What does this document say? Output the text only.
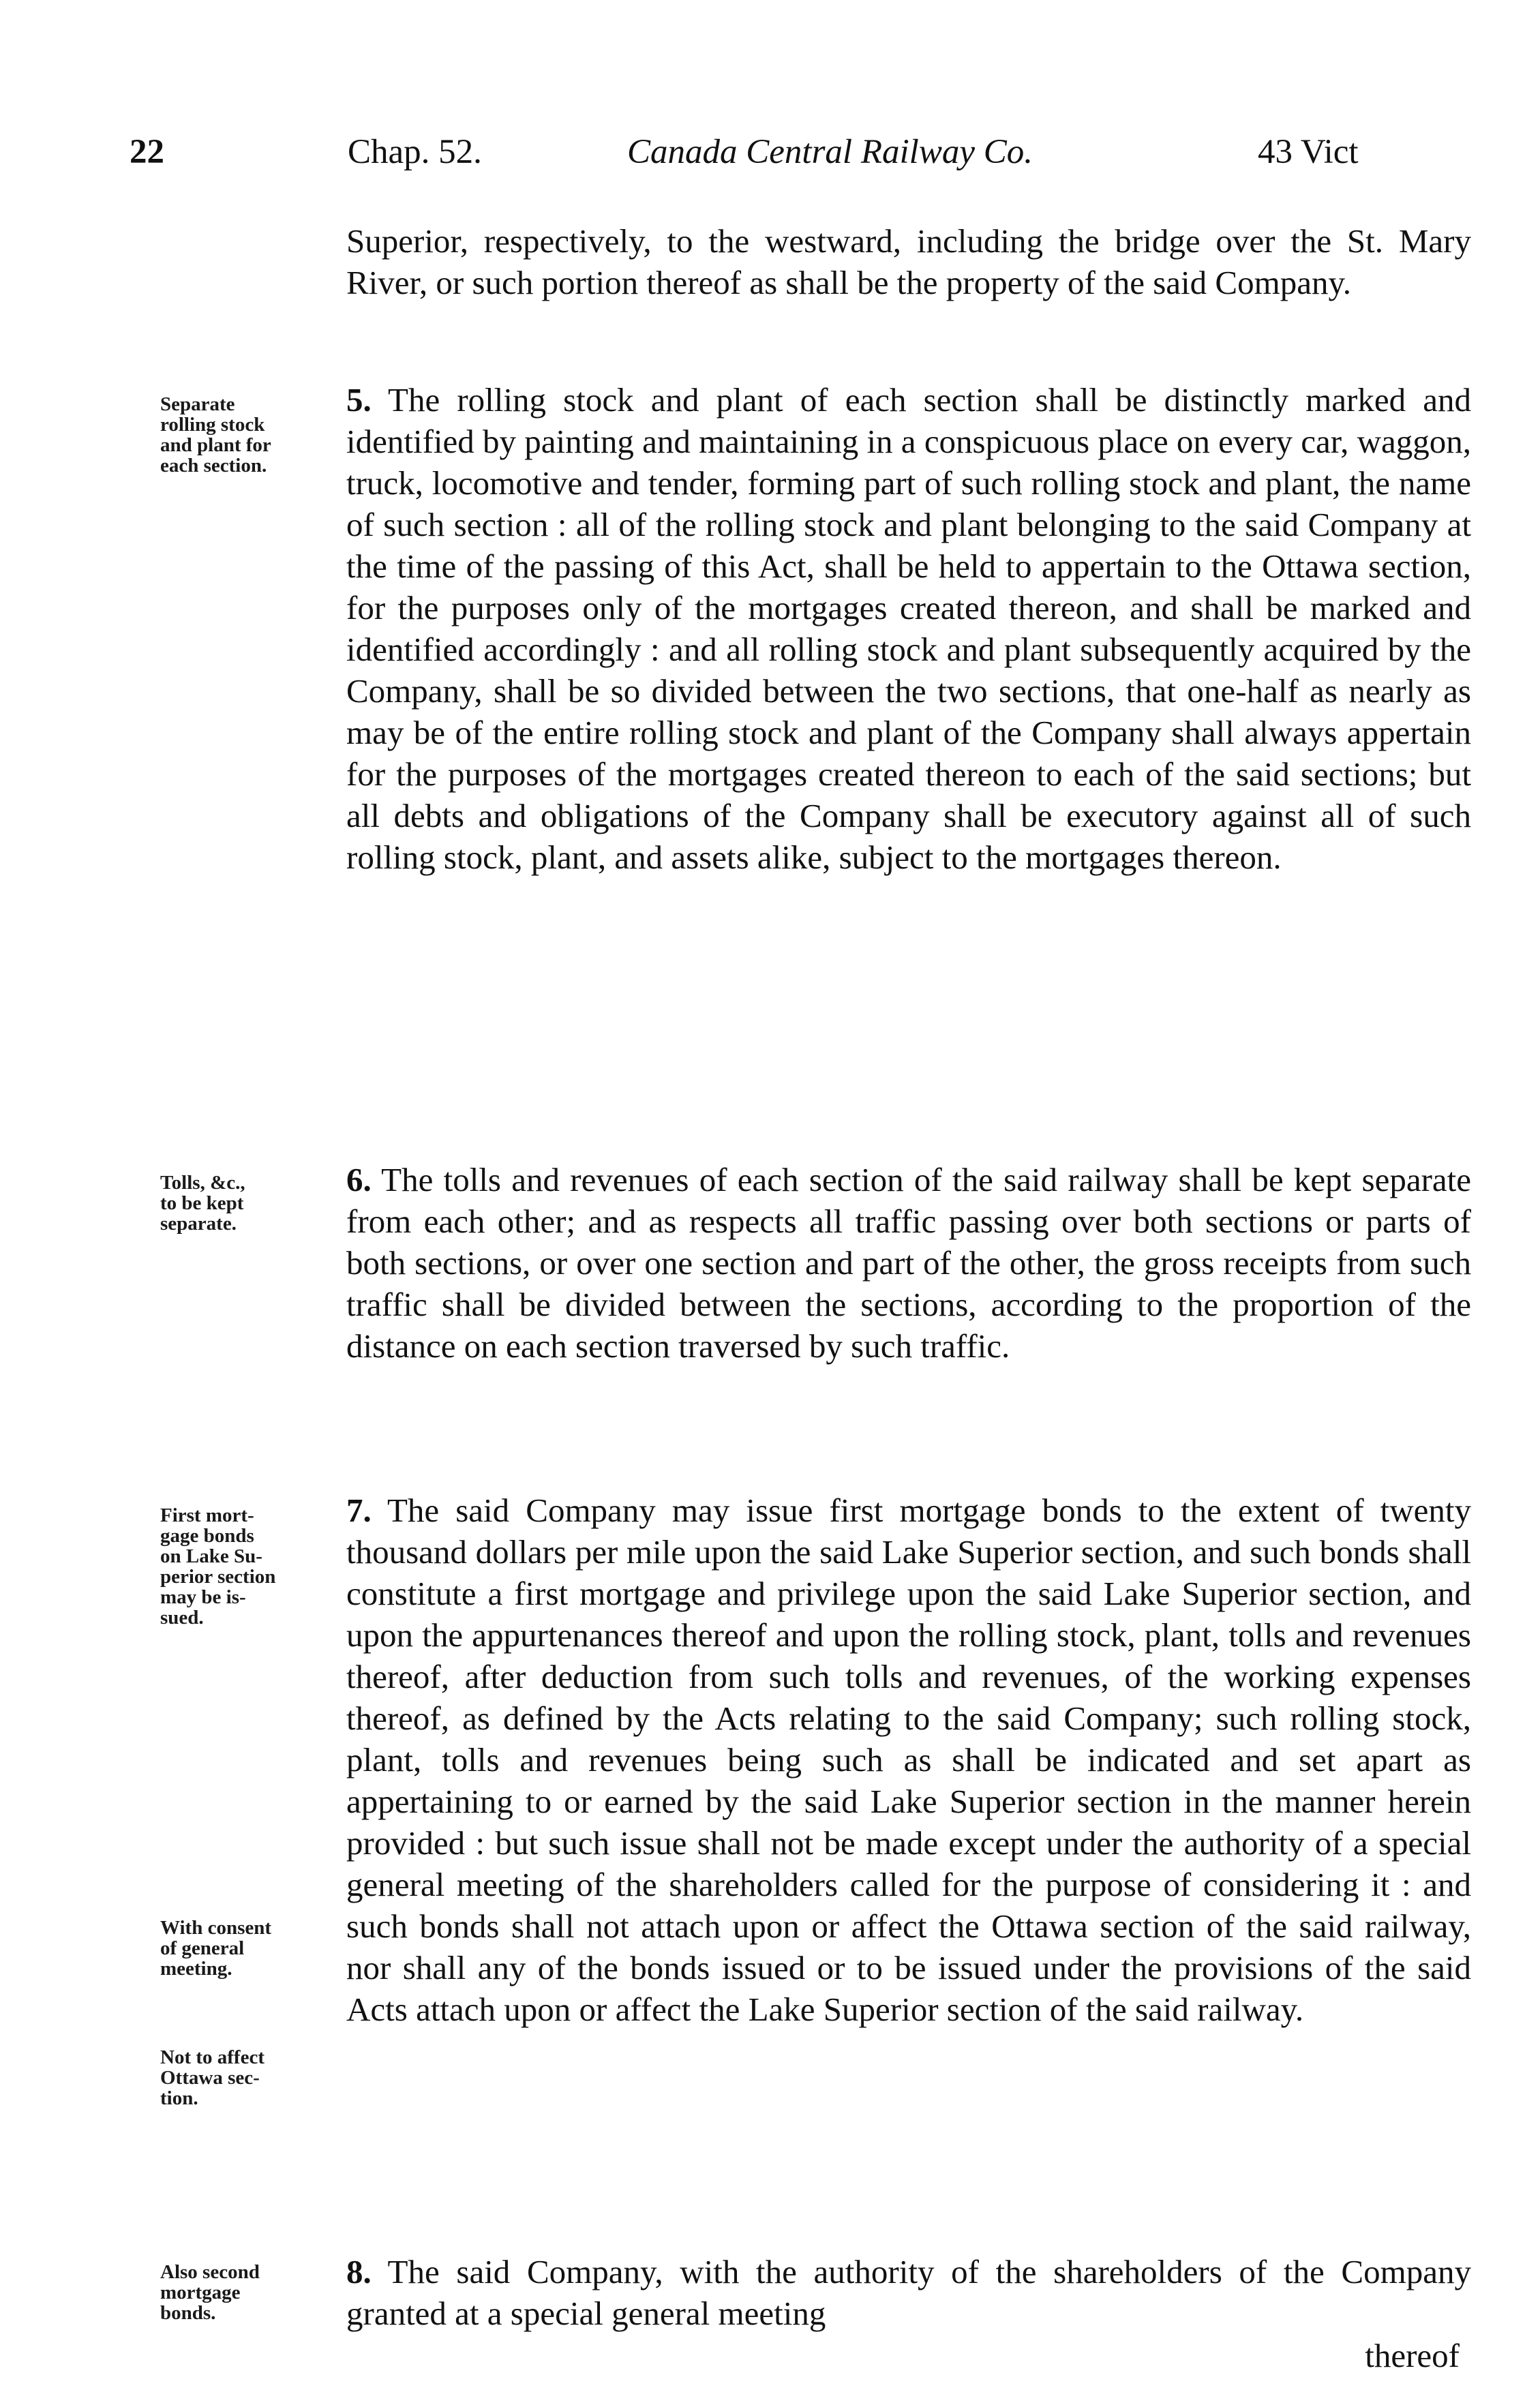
22	Chap. 52.	Canada Central Railway Co.	43 Vict

Superior, respectively, to the westward, including the bridge over the St. Mary River, or such portion thereof as shall be the property of the said Company.

Separate
rolling stock
and plant for
each section.

5. The rolling stock and plant of each section shall be distinctly marked and identified by painting and maintaining in a conspicuous place on every car, waggon, truck, locomotive and tender, forming part of such rolling stock and plant, the name of such section : all of the rolling stock and plant belonging to the said Company at the time of the passing of this Act, shall be held to appertain to the Ottawa section, for the purposes only of the mortgages created thereon, and shall be marked and identified accordingly : and all rolling stock and plant subsequently acquired by the Company, shall be so divided between the two sections, that one-half as nearly as may be of the entire rolling stock and plant of the Company shall always appertain for the purposes of the mortgages created thereon to each of the said sections; but all debts and obligations of the Company shall be executory against all of such rolling stock, plant, and assets alike, subject to the mortgages thereon.

Tolls, &c.,
to be kept
separate.

6. The tolls and revenues of each section of the said railway shall be kept separate from each other; and as respects all traffic passing over both sections or parts of both sections, or over one section and part of the other, the gross receipts from such traffic shall be divided between the sections, according to the proportion of the distance on each section traversed by such traffic.

First mort-
gage bonds
on Lake Su-
perior section
may be is-
sued.
With consent
of general
meeting.
Not to affect
Ottawa sec-
tion.

7. The said Company may issue first mortgage bonds to the extent of twenty thousand dollars per mile upon the said Lake Superior section, and such bonds shall constitute a first mortgage and privilege upon the said Lake Superior section, and upon the appurtenances thereof and upon the rolling stock, plant, tolls and revenues thereof, after deduction from such tolls and revenues, of the working expenses thereof, as defined by the Acts relating to the said Company; such rolling stock, plant, tolls and revenues being such as shall be indicated and set apart as appertaining to or earned by the said Lake Superior section in the manner herein provided : but such issue shall not be made except under the authority of a special general meeting of the shareholders called for the purpose of considering it : and such bonds shall not attach upon or affect the Ottawa section of the said railway, nor shall any of the bonds issued or to be issued under the provisions of the said Acts attach upon or affect the Lake Superior section of the said railway.

Also second
mortgage
bonds.

8. The said Company, with the authority of the shareholders of the Company granted at a special general meeting

thereof
